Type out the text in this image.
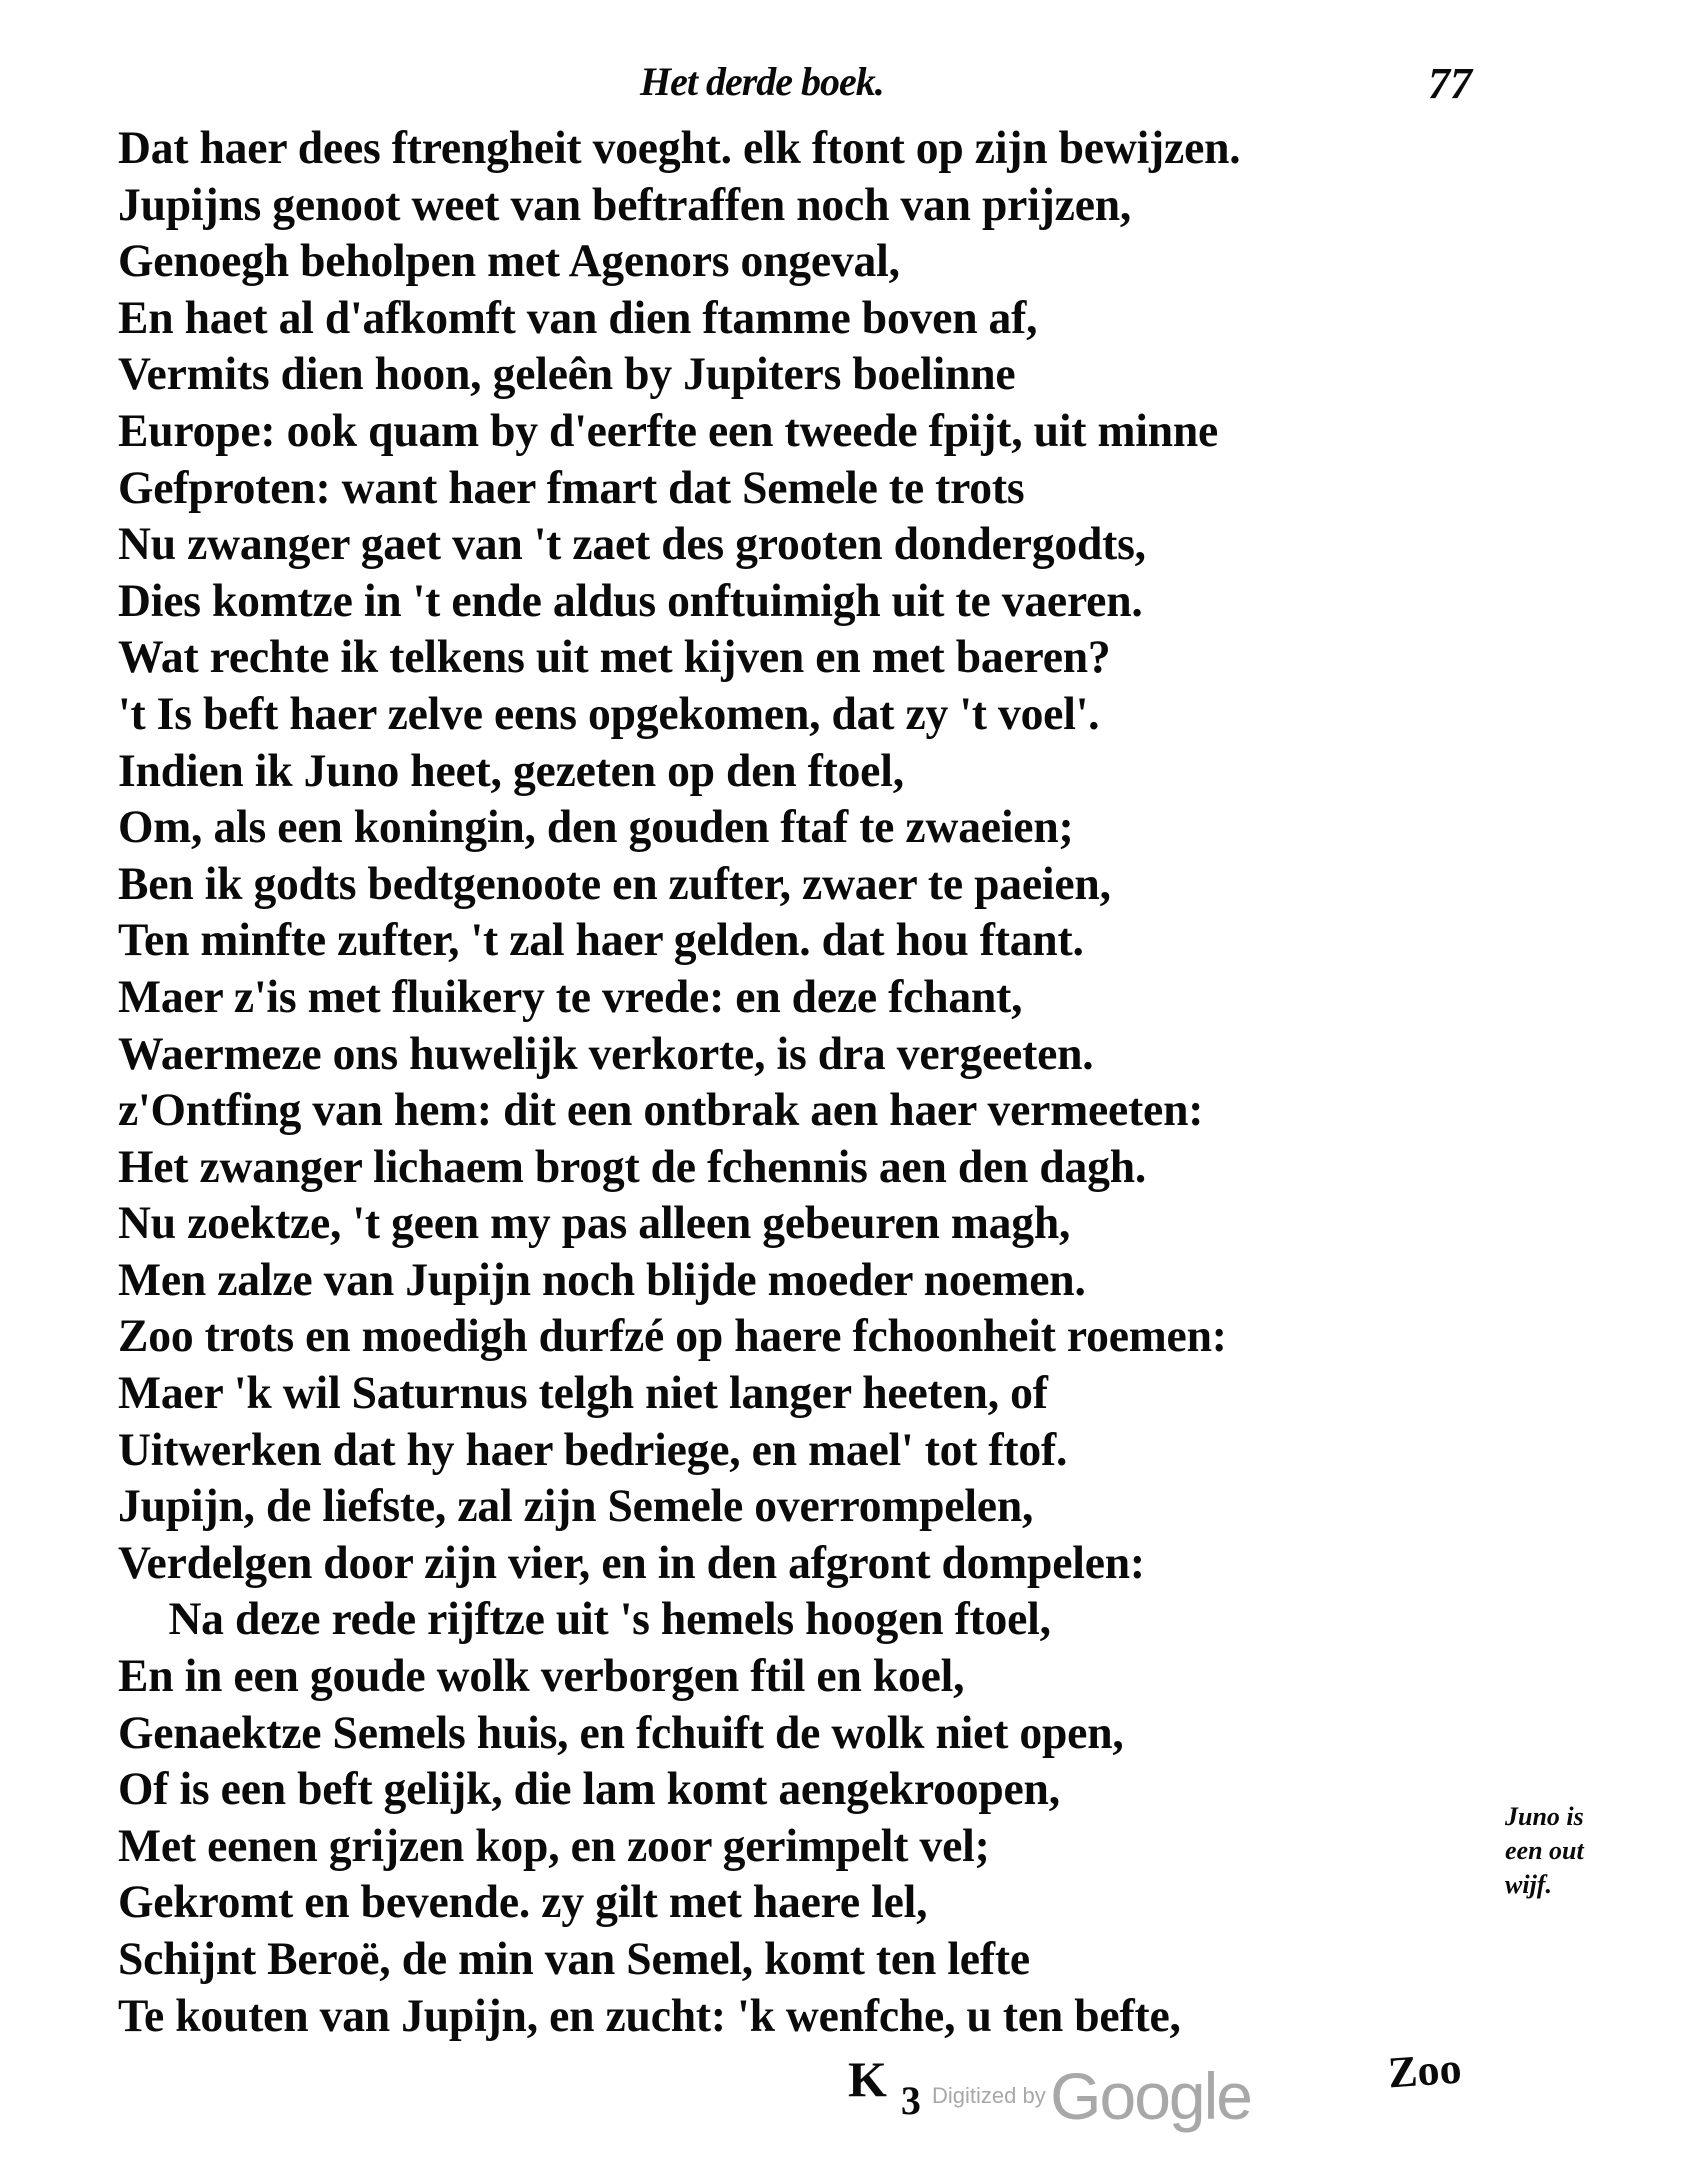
Het derde boek.	77
Dat haer dees ftrengheit voeght. elk ftont op zijn bewijzen.
Jupijns genoot weet van beftraffen noch van prijzen,
Genoegh beholpen met Agenors ongeval,
En haet al d'afkomft van dien ftamme boven af,
Vermits dien hoon, geleên by Jupiters boelinne
Europe: ook quam by d'eerfte een tweede fpijt, uit minne
Gefproten: want haer fmart dat Semele te trots
Nu zwanger gaet van 't zaet des grooten dondergodts,
Dies komtze in 't ende aldus onftuimigh uit te vaeren.
Wat rechte ik telkens uit met kijven en met baeren?
't Is beft haer zelve eens opgekomen, dat zy 't voel'.
Indien ik Juno heet, gezeten op den ftoel,
Om, als een koningin, den gouden ftaf te zwaeien;
Ben ik godts bedtgenoote en zufter, zwaer te paeien,
Ten minfte zufter, 't zal haer gelden. dat hou ftant.
Maer z'is met fluikery te vrede: en deze fchant,
Waermeze ons huwelijk verkorte, is dra vergeeten.
z'Ontfing van hem: dit een ontbrak aen haer vermeeten:
Het zwanger lichaem brogt de fchennis aen den dagh.
Nu zoektze, 't geen my pas alleen gebeuren magh,
Men zalze van Jupijn noch blijde moeder noemen.
Zoo trots en moedigh durfzé op haere fchoonheit roemen:
Maer 'k wil Saturnus telgh niet langer heeten, of
Uitwerken dat hy haer bedriege, en mael' tot ftof.
Jupijn, de liefste, zal zijn Semele overrompelen,
Verdelgen door zijn vier, en in den afgront dompelen:
Na deze rede rijftze uit 's hemels hoogen ftoel,
En in een goude wolk verborgen ftil en koel,
Genaektze Semels huis, en fchuift de wolk niet open,
Of is een beft gelijk, die lam komt aengekroopen,
Met eenen grijzen kop, en zoor gerimpelt vel;
Gekromt en bevende. zy gilt met haere lel,
Schijnt Beroë, de min van Semel, komt ten lefte
Te kouten van Jupijn, en zucht: 'k wenfche, u ten befte,
Juno is
een out
wijf.
K $_3$ Digitized by Google	Zoo
